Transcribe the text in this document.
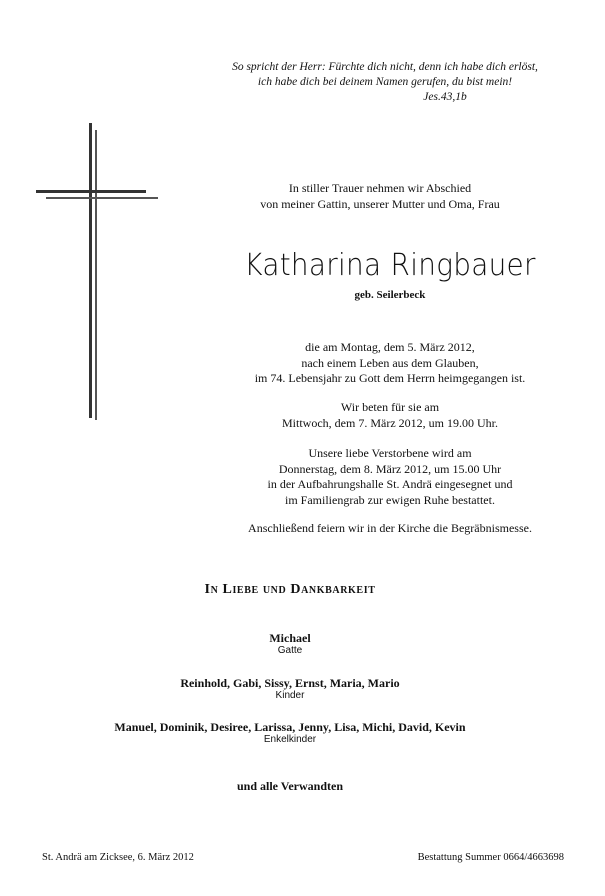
So spricht der Herr: Fürchte dich nicht, denn ich habe dich erlöst,
ich habe dich bei deinem Namen gerufen, du bist mein!
Jes.43,1b
In stiller Trauer nehmen wir Abschied
von meiner Gattin, unserer Mutter und Oma, Frau
Katharina Ringbauer
geb. Seilerbeck
die am Montag, dem 5. März 2012,
nach einem Leben aus dem Glauben,
im 74. Lebensjahr zu Gott dem Herrn heimgegangen ist.
Wir beten für sie am
Mittwoch, dem 7. März 2012, um 19.00 Uhr.
Unsere liebe Verstorbene wird am
Donnerstag, dem 8. März 2012, um 15.00 Uhr
in der Aufbahrungshalle St. Andrä eingesegnet und
im Familiengrab zur ewigen Ruhe bestattet.
Anschließend feiern wir in der Kirche die Begräbnismesse.
In Liebe und Dankbarkeit
Michael
Gatte
Reinhold, Gabi, Sissy, Ernst, Maria, Mario
Kinder
Manuel, Dominik, Desiree, Larissa, Jenny, Lisa, Michi, David, Kevin
Enkelkinder
und alle Verwandten
St. Andrä am Zicksee, 6. März 2012	Bestattung Summer 0664/4663698
